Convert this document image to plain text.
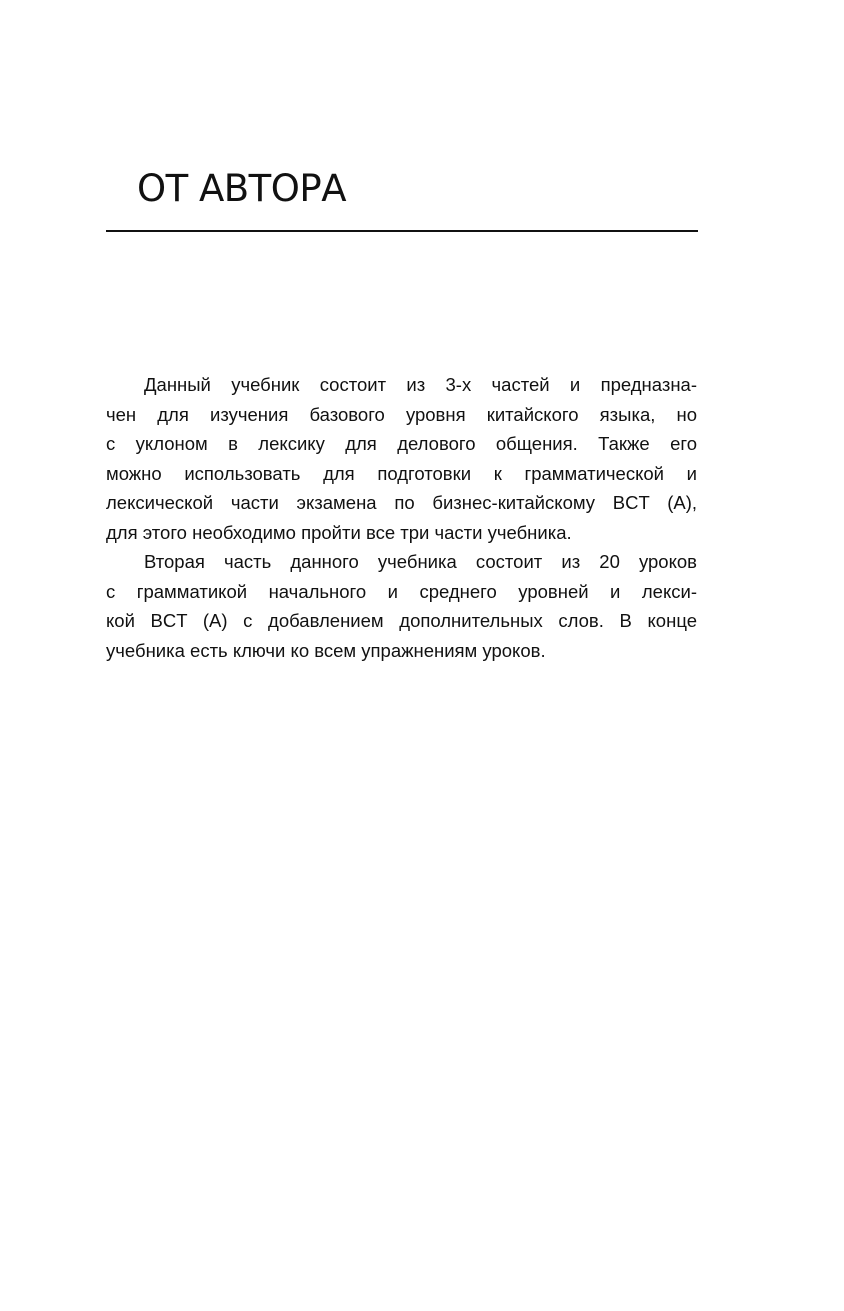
ОТ АВТОРА
Данный учебник состоит из 3-х частей и предназна-
чен для изучения базового уровня китайского языка, но
с уклоном в лексику для делового общения. Также его
можно использовать для подготовки к грамматической и
лексической части экзамена по бизнес-китайскому BCT (A),
для этого необходимо пройти все три части учебника.
Вторая часть данного учебника состоит из 20 уроков
с грамматикой начального и среднего уровней и лекси-
кой BCT (A) с добавлением дополнительных слов. В конце
учебника есть ключи ко всем упражнениям уроков.
